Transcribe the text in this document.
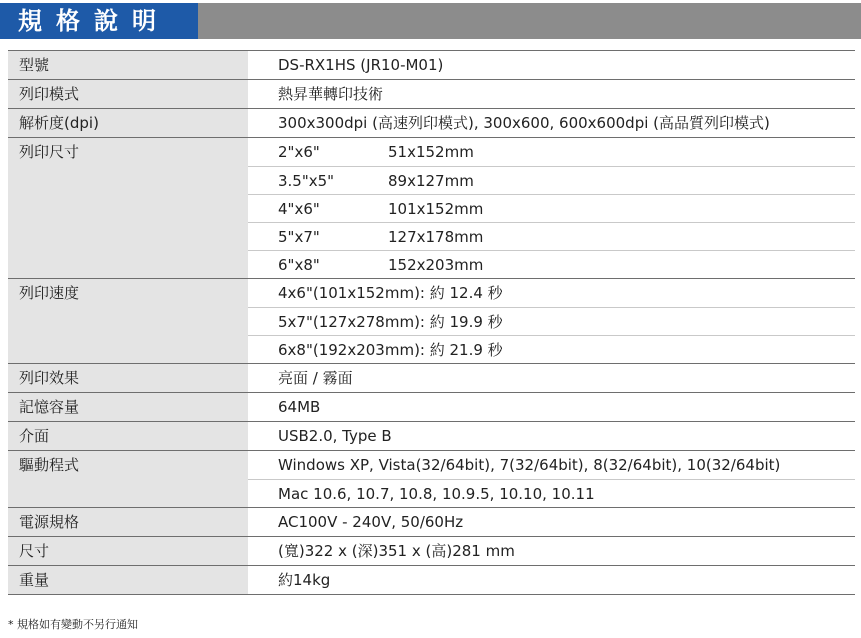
規格說明
型號	DS-RX1HS (JR10-M01)

列印模式	熱昇華轉印技術

解析度(dpi)	300x300dpi (高速列印模式), 300x600, 600x600dpi (高品質列印模式)

列印尺寸	2"x6" 51x152mm
3.5"x5" 89x127mm
4"x6" 101x152mm
5"x7" 127x178mm
6"x8" 152x203mm

列印速度	4x6"(101x152mm): 約 12.4 秒
5x7"(127x278mm): 約 19.9 秒
6x8"(192x203mm): 約 21.9 秒

列印效果	亮面 / 霧面

記憶容量	64MB

介面	USB2.0, Type B

驅動程式	Windows XP, Vista(32/64bit), 7(32/64bit), 8(32/64bit), 10(32/64bit)
Mac 10.6, 10.7, 10.8, 10.9.5, 10.10, 10.11

電源規格	AC100V - 240V, 50/60Hz

尺寸	(寬)322 x (深)351 x (高)281 mm

重量	約14kg
* 規格如有變動不另行通知
